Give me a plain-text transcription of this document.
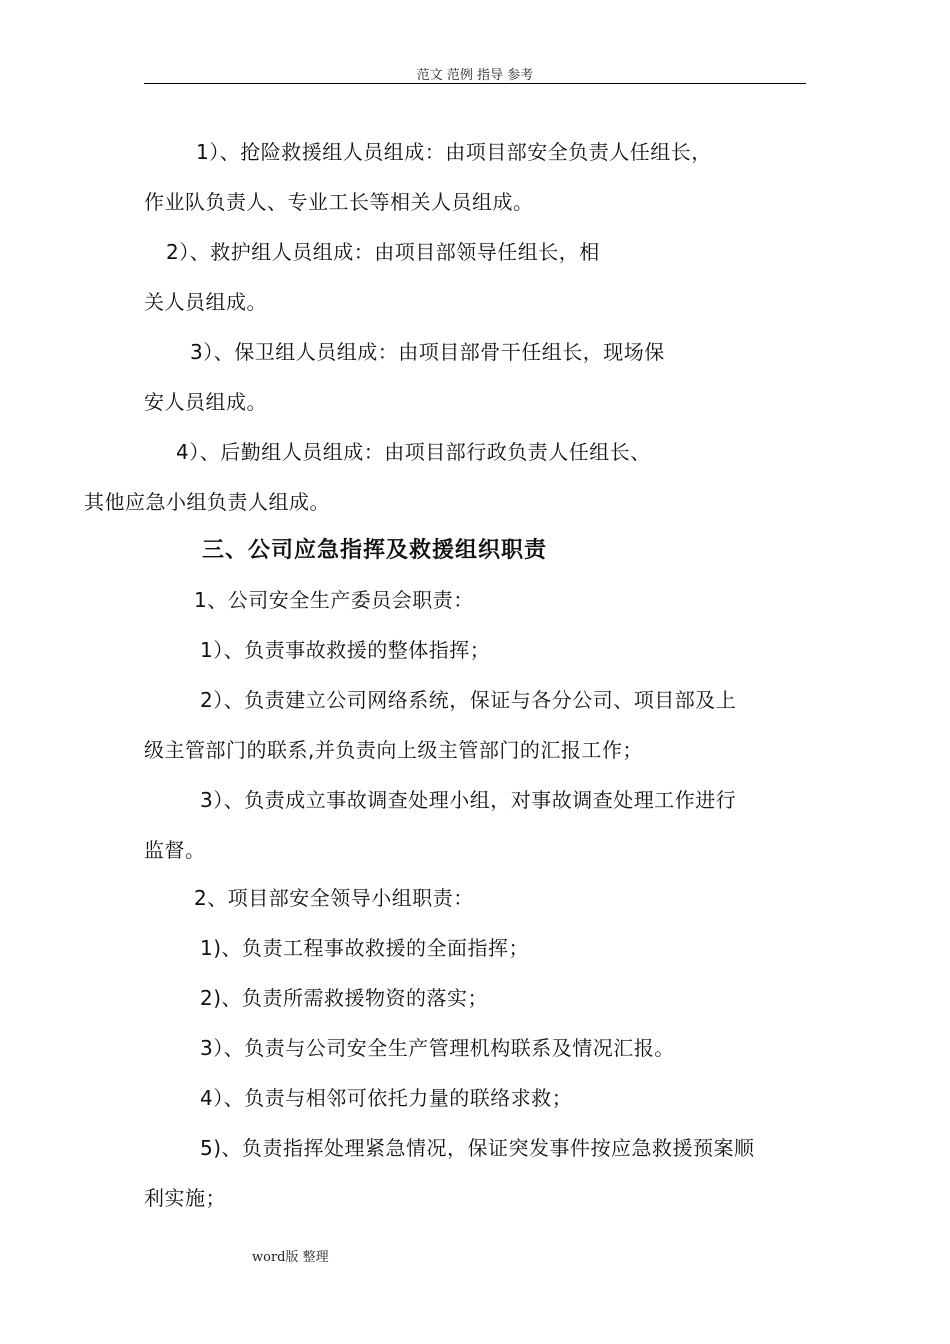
范文 范例 指导 参考
1）、抢险救援组人员组成：由项目部安全负责人任组长，
作业队负责人、专业工长等相关人员组成。
2）、救护组人员组成：由项目部领导任组长，相
关人员组成。
3）、保卫组人员组成：由项目部骨干任组长，现场保
安人员组成。
4）、后勤组人员组成：由项目部行政负责人任组长、
其他应急小组负责人组成。
三、公司应急指挥及救援组织职责
1、公司安全生产委员会职责：
1）、负责事故救援的整体指挥；
2）、负责建立公司网络系统，保证与各分公司、项目部及上
级主管部门的联系,并负责向上级主管部门的汇报工作；
3）、负责成立事故调查处理小组，对事故调查处理工作进行
监督。
2、项目部安全领导小组职责：
1)、负责工程事故救援的全面指挥；
2)、负责所需救援物资的落实；
3）、负责与公司安全生产管理机构联系及情况汇报。
4）、负责与相邻可依托力量的联络求救；
5)、负责指挥处理紧急情况，保证突发事件按应急救援预案顺
利实施；
word版 整理
